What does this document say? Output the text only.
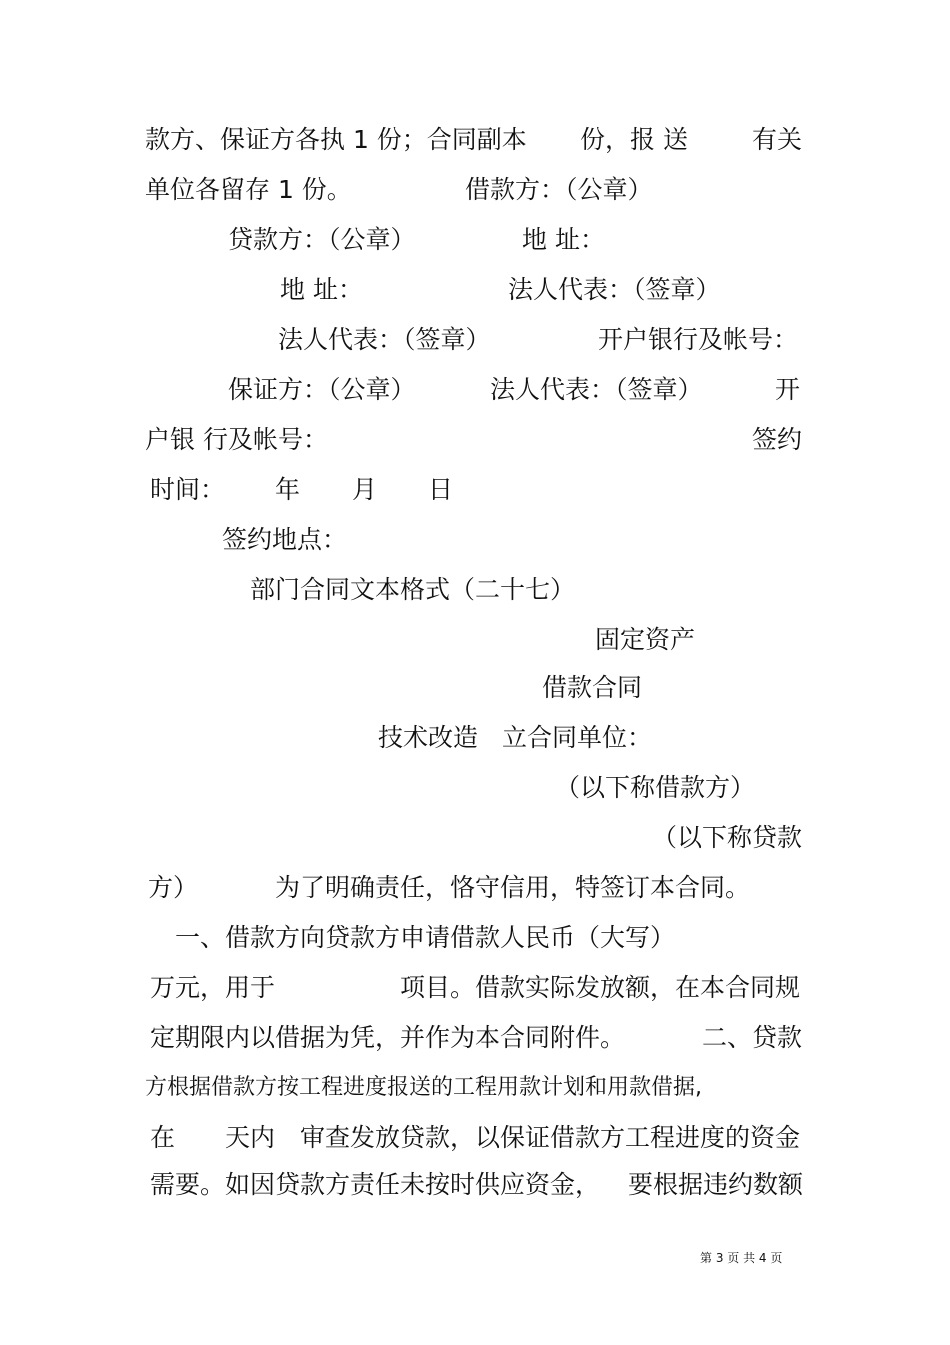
款方、保证方各执 1 份；合同副本 份，报 送	有关
单位各留存 1 份。	借款方：（公章）
贷款方：（公章）	地 址：
地 址：	法人代表：（签章）
法人代表：（签章）	开户银行及帐号：
保证方：（公章）	法人代表：（签章）	开
户银 行及帐号：	签约
时间： 年 月 日
签约地点：
部门合同文本格式（二十七）
固定资产
借款合同
技术改造 立合同单位：
（以下称借款方）
（以下称贷款
方）	为了明确责任，恪守信用，特签订本合同。
一、借款方向贷款方申请借款人民币（大写）
万元，用于	项目。借款实际发放额，在本合同规
定期限内以借据为凭，并作为本合同附件。	二、贷款
方根据借款方按工程进度报送的工程用款计划和用款借据,
在 天内 审查发放贷款，以保证借款方工程进度的资金
需要。如因贷款方责任未按时供应资金， 要根据违约数额
第 3 页 共 4 页
